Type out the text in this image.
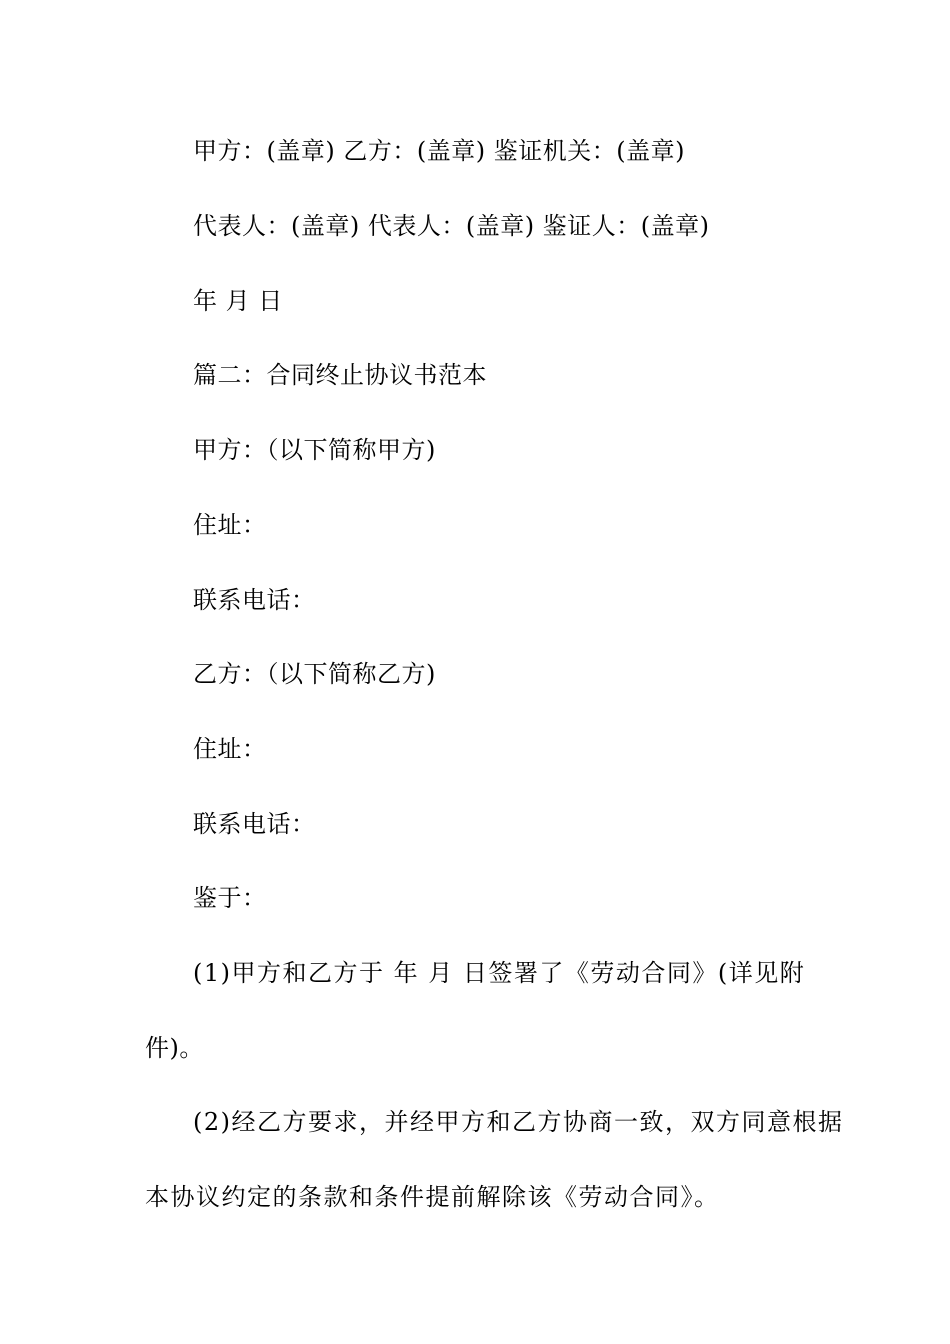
甲方：(盖章) 乙方：(盖章) 鉴证机关：(盖章)
代表人：(盖章) 代表人：(盖章) 鉴证人：(盖章)
年 月 日
篇二：合同终止协议书范本
甲方：（以下简称甲方)
住址：
联系电话：
乙方：（以下简称乙方)
住址：
联系电话：
鉴于：
(1)甲方和乙方于 年 月 日签署了《劳动合同》(详见附
件)。
(2)经乙方要求，并经甲方和乙方协商一致，双方同意根据
本协议约定的条款和条件提前解除该《劳动合同》。
